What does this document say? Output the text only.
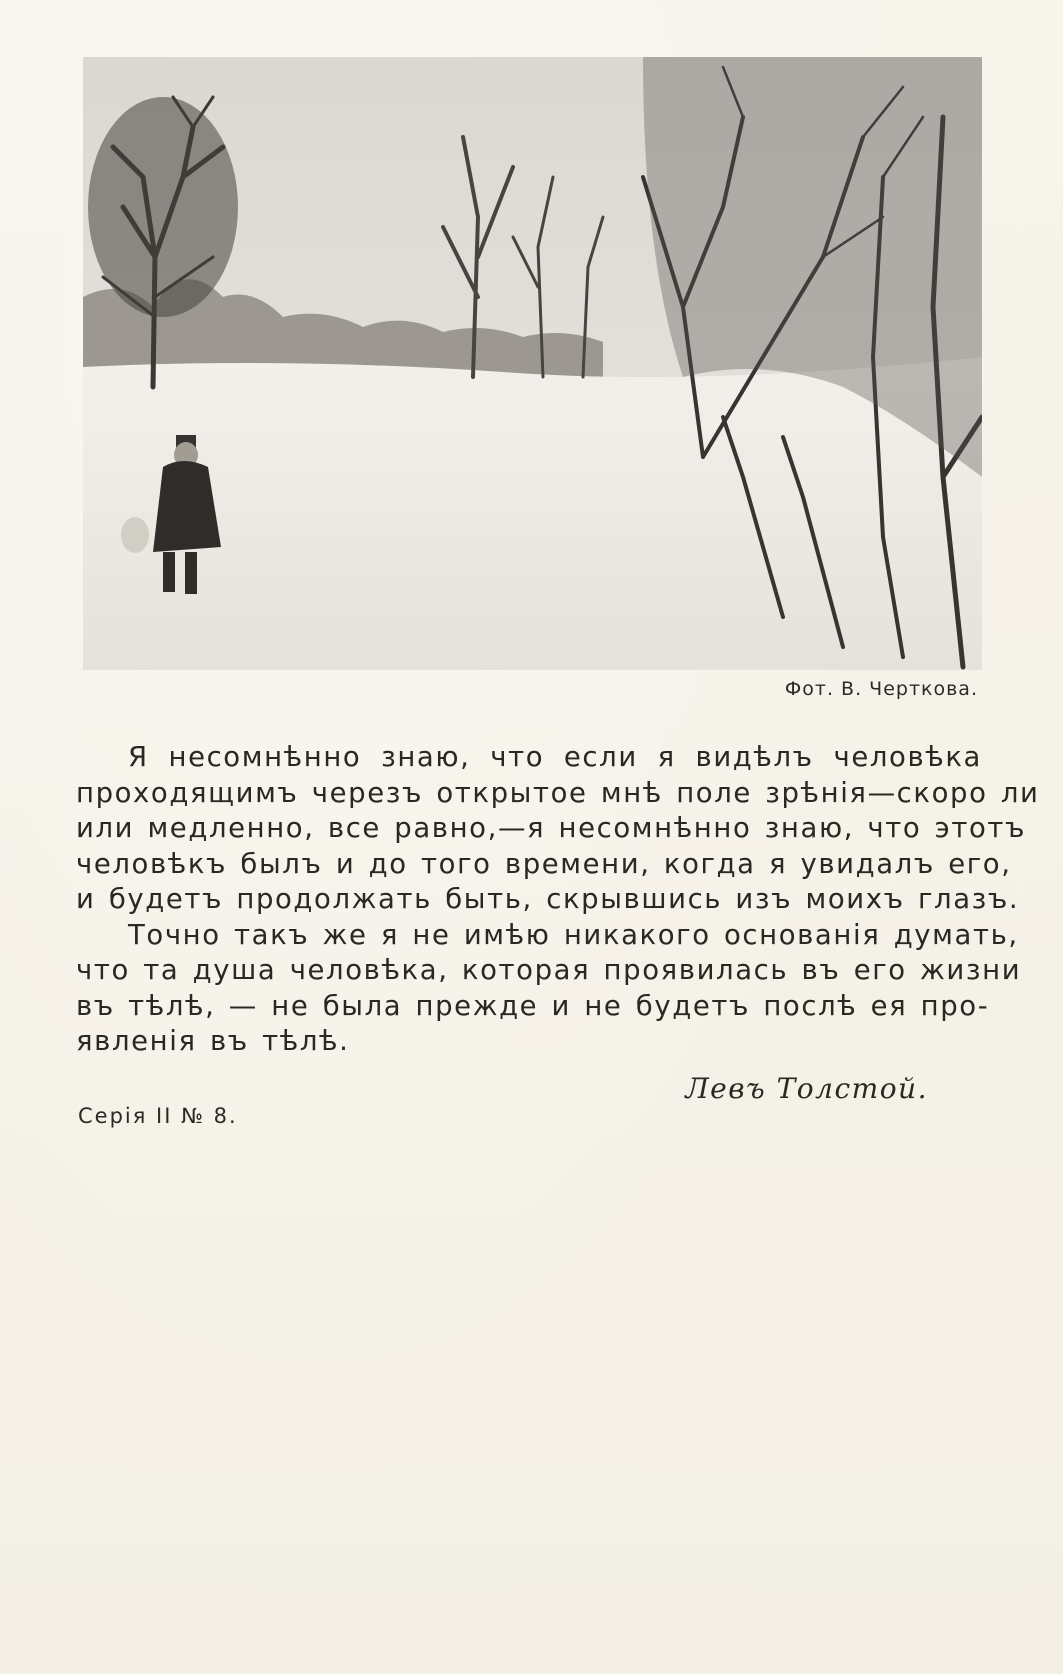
Фот. В. Черткова.
Я несомнѣнно знаю, что если я видѣлъ человѣка
проходящимъ черезъ открытое мнѣ поле зрѣнія—скоро ли
или медленно, все равно,—я несомнѣнно знаю, что этотъ
человѣкъ былъ и до того времени, когда я увидалъ его,
и будетъ продолжать быть, скрывшись изъ моихъ глазъ.
Точно такъ же я не имѣю никакого основанія думать,
что та душа человѣка, которая проявилась въ его жизни
въ тѣлѣ, — не была прежде и не будетъ послѣ ея про-
явленія въ тѣлѣ.
Левъ Толстой.
Серія II № 8.
